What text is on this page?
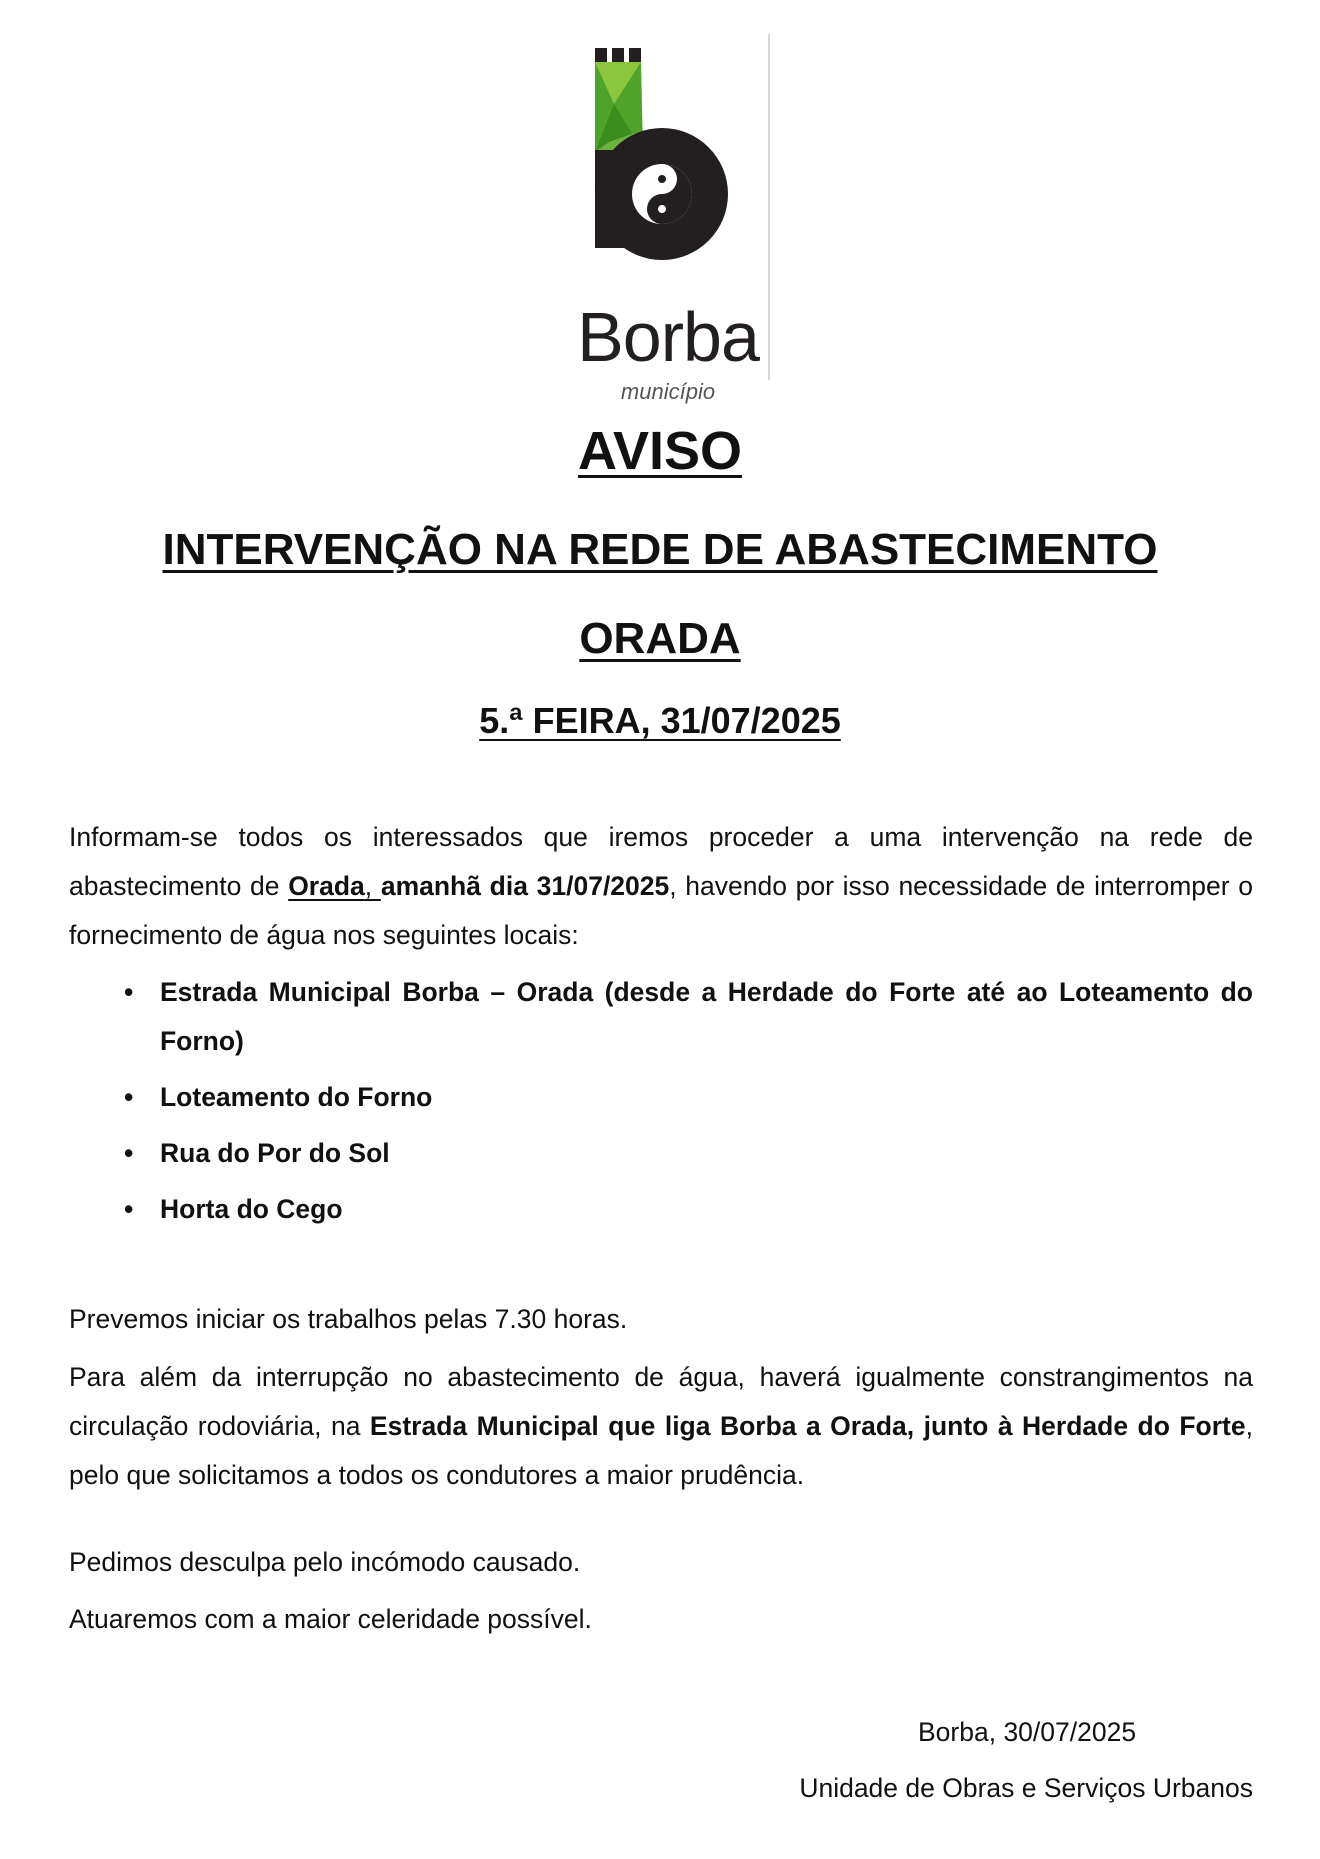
Borba
município
AVISO
INTERVENÇÃO NA REDE DE ABASTECIMENTO
ORADA
5.ª FEIRA, 31/07/2025

Informam-se todos os interessados que iremos proceder a uma intervenção na rede de abastecimento de Orada, amanhã dia 31/07/2025, havendo por isso necessidade de interromper o fornecimento de água nos seguintes locais:

• Estrada Municipal Borba – Orada (desde a Herdade do Forte até ao Loteamento do Forno)
• Loteamento do Forno
• Rua do Por do Sol
• Horta do Cego

Prevemos iniciar os trabalhos pelas 7.30 horas.

Para além da interrupção no abastecimento de água, haverá igualmente constrangimentos na circulação rodoviária, na Estrada Municipal que liga Borba a Orada, junto à Herdade do Forte, pelo que solicitamos a todos os condutores a maior prudência.

Pedimos desculpa pelo incómodo causado.

Atuaremos com a maior celeridade possível.

Borba, 30/07/2025
Unidade de Obras e Serviços Urbanos
